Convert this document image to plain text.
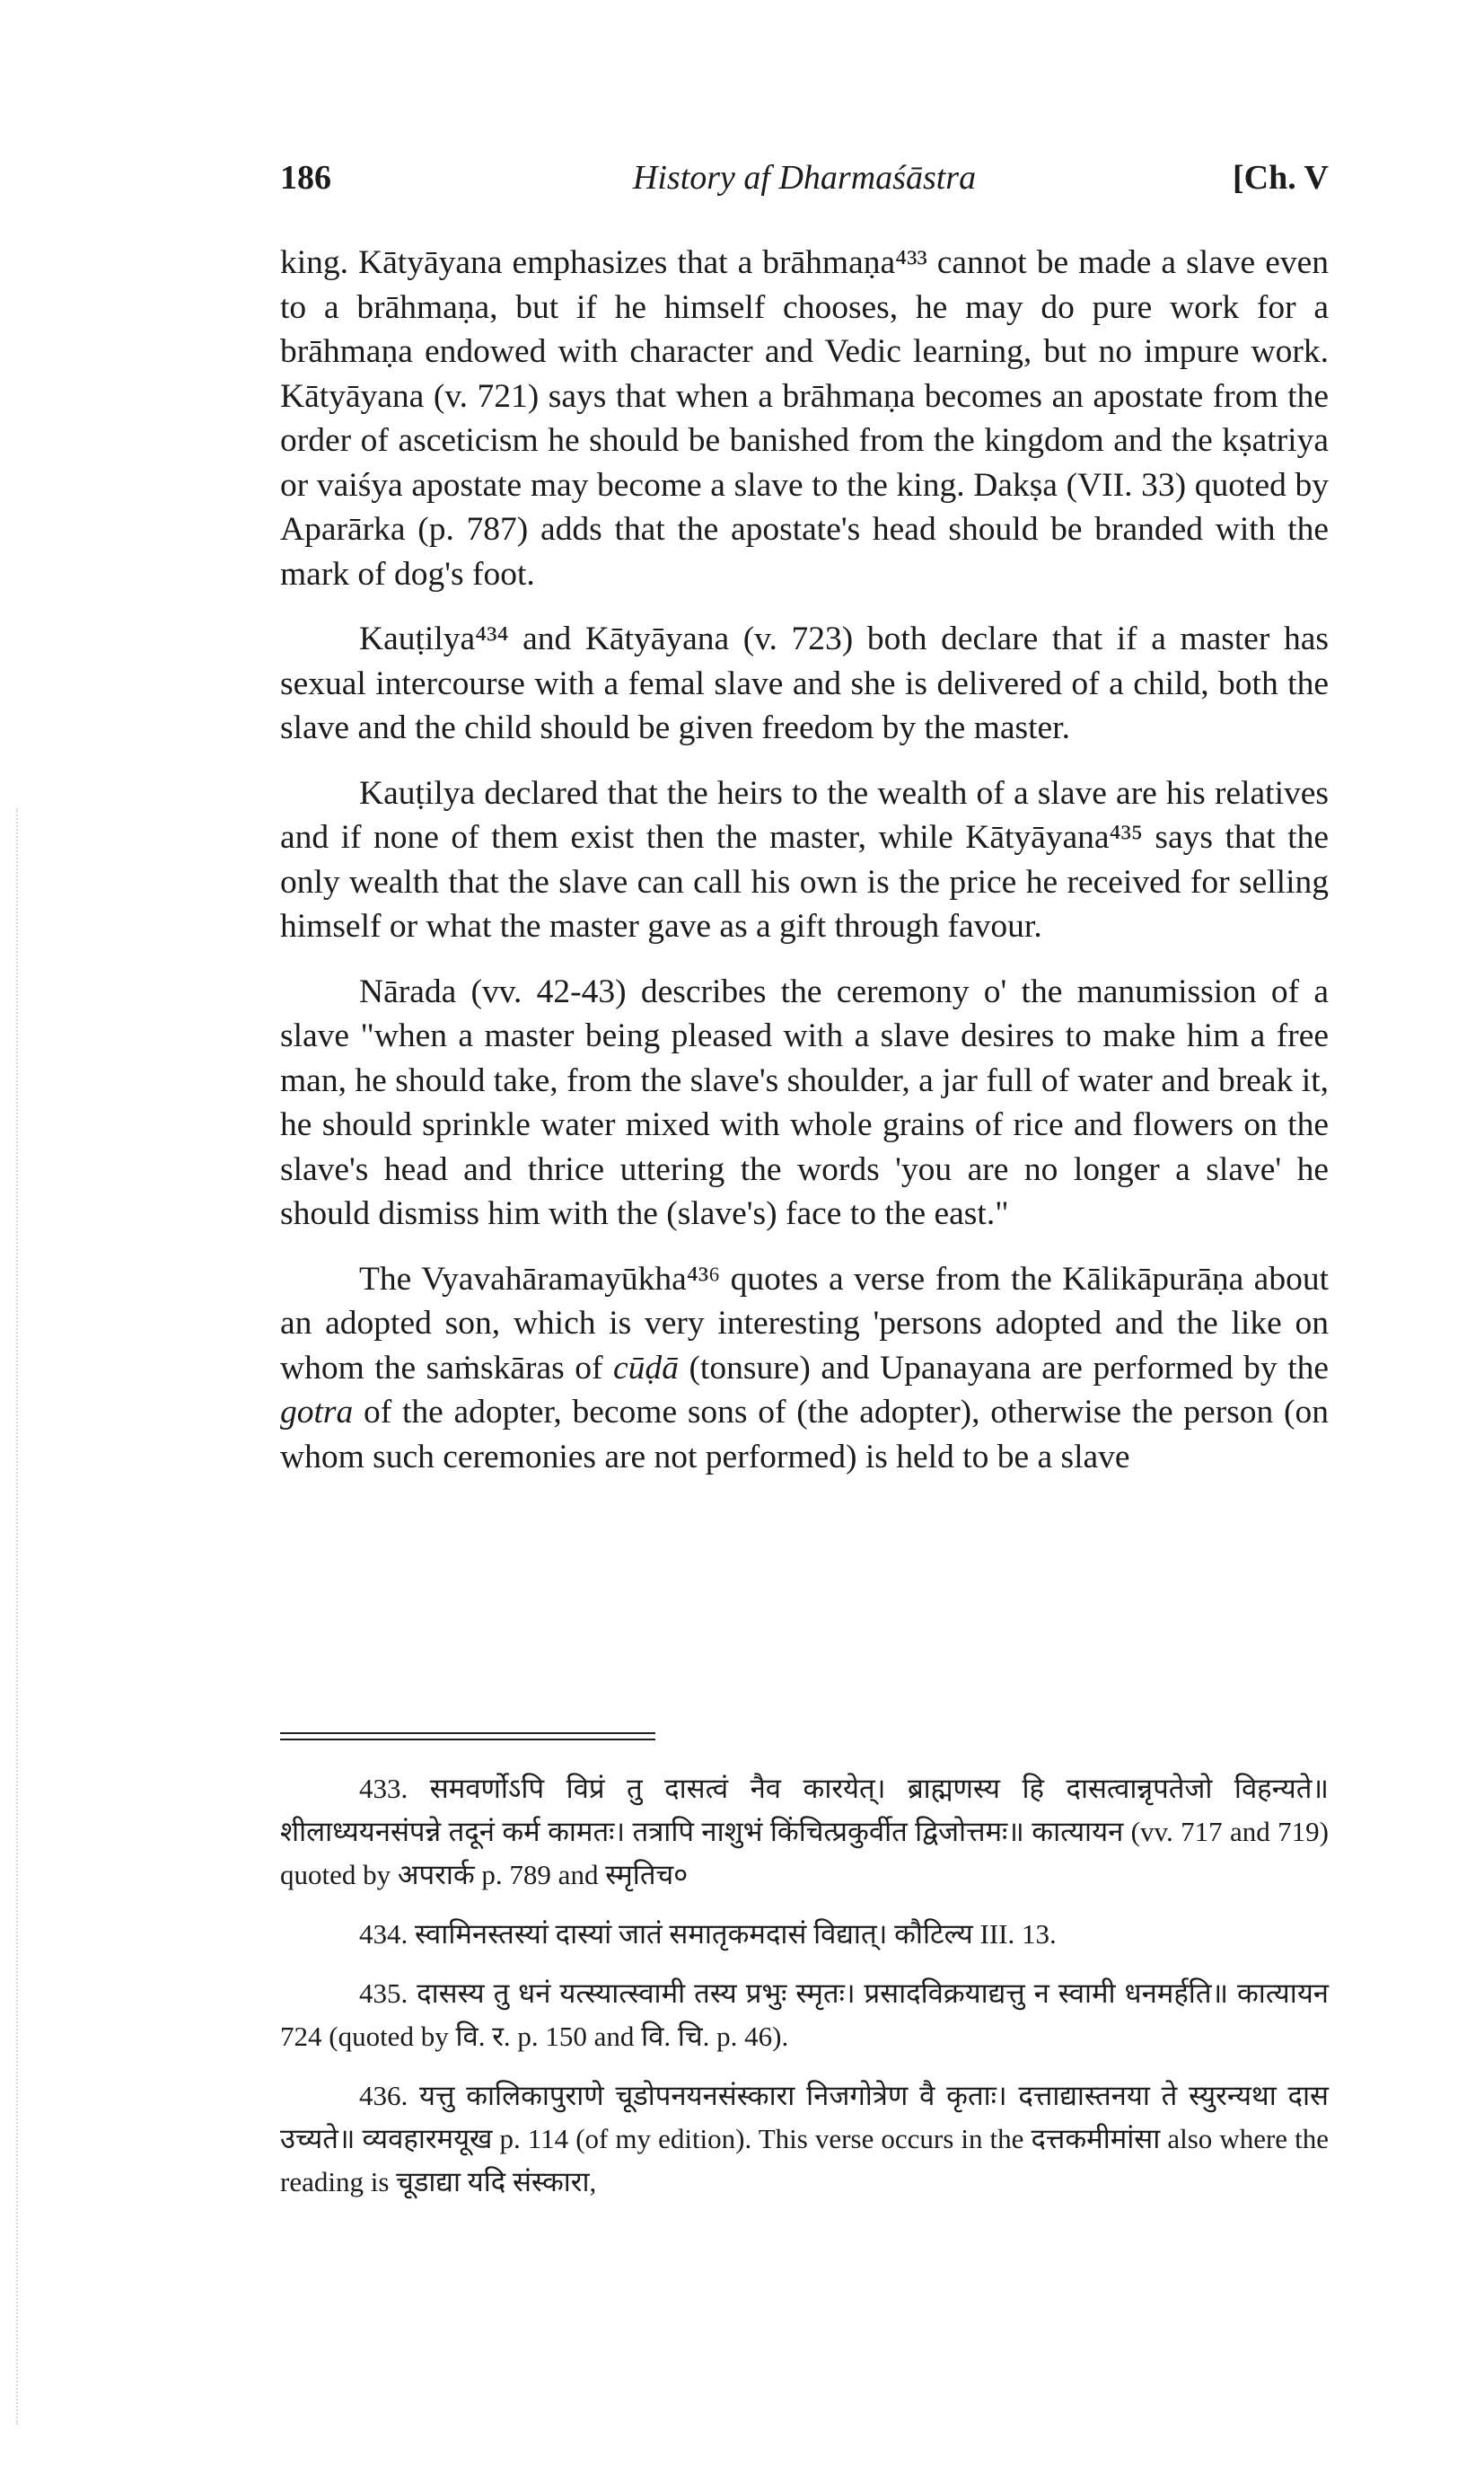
186	History af Dharmaśāstra	[Ch. V

king. Kātyāyana emphasizes that a brāhmaṇa⁴³³ cannot be made a slave even to a brāhmaṇa, but if he himself chooses, he may do pure work for a brāhmaṇa endowed with character and Vedic learning, but no impure work. Kātyāyana (v. 721) says that when a brāhmaṇa becomes an apostate from the order of asceticism he should be banished from the kingdom and the kṣatriya or vaiśya apostate may become a slave to the king. Dakṣa (VII. 33) quoted by Aparārka (p. 787) adds that the apostate's head should be branded with the mark of dog's foot.

Kauṭilya⁴³⁴ and Kātyāyana (v. 723) both declare that if a master has sexual intercourse with a femal slave and she is delivered of a child, both the slave and the child should be given freedom by the master.

Kauṭilya declared that the heirs to the wealth of a slave are his relatives and if none of them exist then the master, while Kātyāyana⁴³⁵ says that the only wealth that the slave can call his own is the price he received for selling himself or what the master gave as a gift through favour.

Nārada (vv. 42-43) describes the ceremony o' the manumission of a slave "when a master being pleased with a slave desires to make him a free man, he should take, from the slave's shoulder, a jar full of water and break it, he should sprinkle water mixed with whole grains of rice and flowers on the slave's head and thrice uttering the words 'you are no longer a slave' he should dismiss him with the (slave's) face to the east."

The Vyavahāramayūkha⁴³⁶ quotes a verse from the Kālikāpurāṇa about an adopted son, which is very interesting 'persons adopted and the like on whom the saṁskāras of cūḍā (tonsure) and Upanayana are performed by the gotra of the adopter, become sons of (the adopter), otherwise the person (on whom such ceremonies are not performed) is held to be a slave

433. समवर्णोऽपि विप्रं तु दासत्वं नैव कारयेत्। ब्राह्मणस्य हि दासत्वान्नृपतेजो विहन्यते॥ शीलाध्ययनसंपन्ने तदूनं कर्म कामतः। तत्रापि नाशुभं किंचित्प्रकुर्वीत द्विजोत्तमः॥ कात्यायन (vv. 717 and 719) quoted by अपरार्क p. 789 and स्मृतिच०

434. स्वामिनस्तस्यां दास्यां जातं समातृकमदासं विद्यात्। कौटिल्य III. 13.

435. दासस्य तु धनं यत्स्यात्स्वामी तस्य प्रभुः स्मृतः। प्रसादविक्रयाद्यत्तु न स्वामी धनमर्हति॥ कात्यायन 724 (quoted by वि. र. p. 150 and वि. चि. p. 46).

436. यत्तु कालिकापुराणे चूडोपनयनसंस्कारा निजगोत्रेण वै कृताः। दत्ताद्यास्तनया ते स्युरन्यथा दास उच्यते॥ व्यवहारमयूख p. 114 (of my edition). This verse occurs in the दत्तकमीमांसा also where the reading is चूडाद्या यदि संस्कारा,
